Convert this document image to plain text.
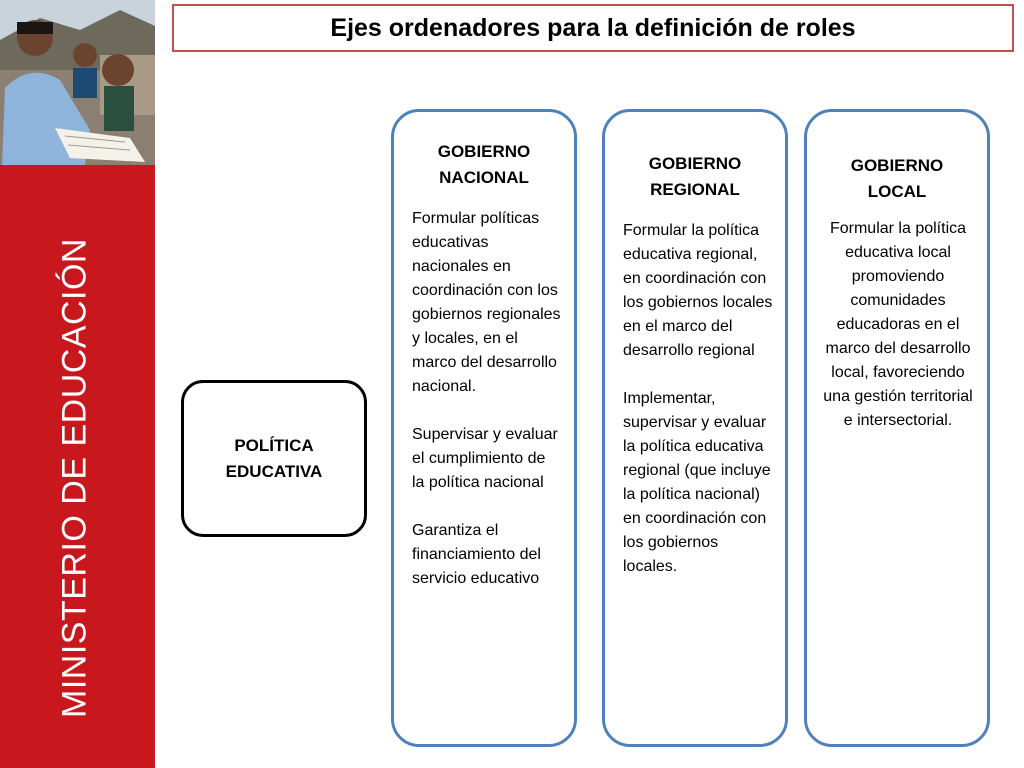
MINISTERIO DE EDUCACIÓN
Ejes ordenadores para la definición de roles
POLÍTICA
EDUCATIVA
GOBIERNO
NACIONAL

Formular políticas educativas nacionales en coordinación con los gobiernos regionales y locales, en el marco del desarrollo nacional.

Supervisar y evaluar el cumplimiento de la política nacional

Garantiza el financiamiento del servicio educativo

GOBIERNO
REGIONAL

Formular la política educativa regional, en coordinación con los gobiernos locales en el marco del desarrollo regional

Implementar, supervisar y evaluar la política educativa regional (que incluye la política nacional) en coordinación con los gobiernos locales.

GOBIERNO
LOCAL

Formular la política educativa local promoviendo comunidades educadoras en el marco del desarrollo local, favoreciendo una gestión territorial e intersectorial.
